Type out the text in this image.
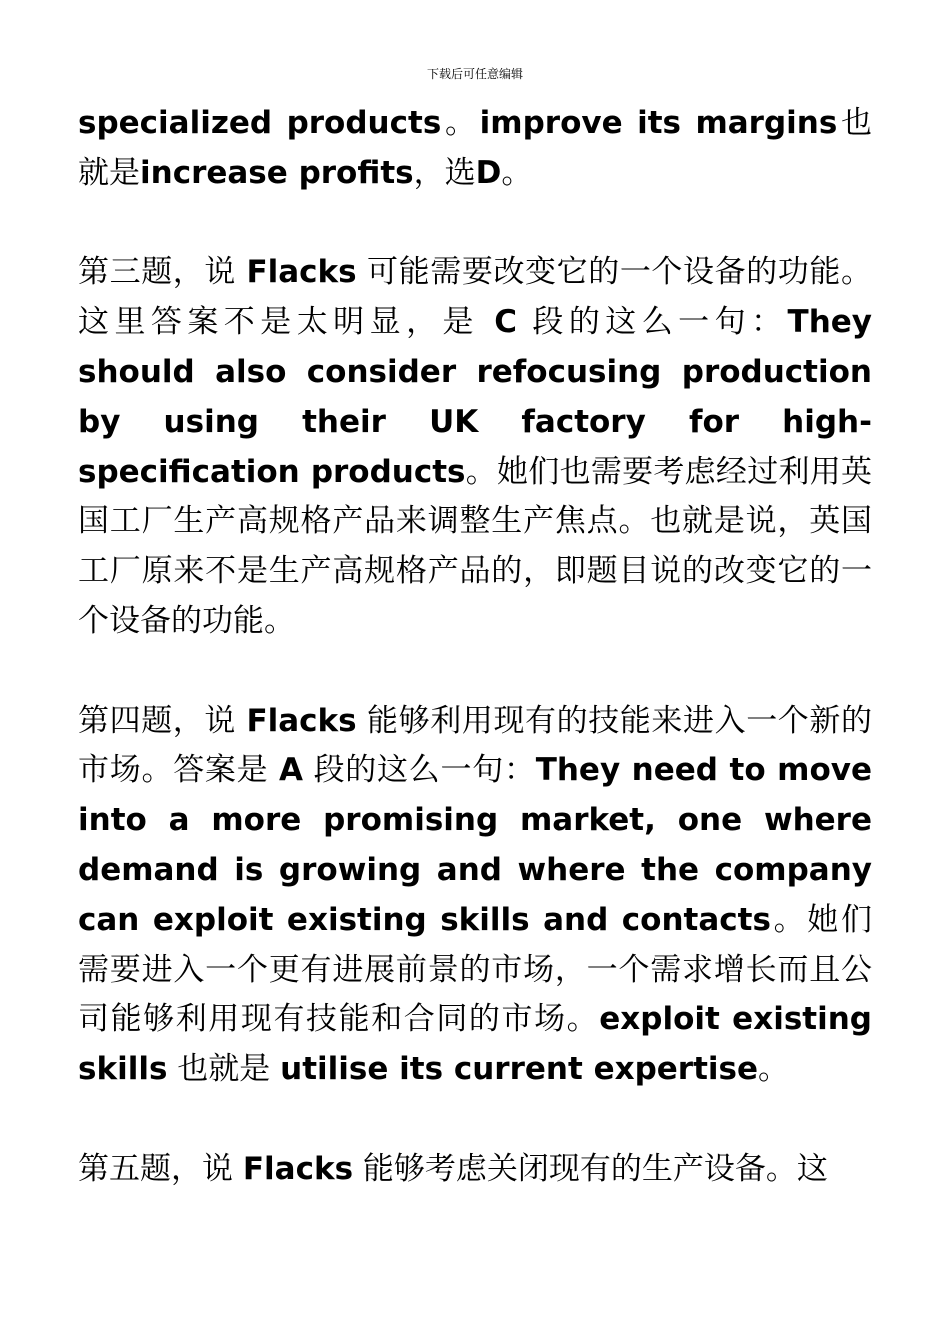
下载后可任意编辑

specialized products。improve its margins也就是increase profits，选D。

第三题，说 Flacks 可能需要改变它的一个设备的功能。这里答案不是太明显，是 C 段的这么一句：They should also consider refocusing production by using their UK factory for high-specification products。她们也需要考虑经过利用英国工厂生产高规格产品来调整生产焦点。也就是说，英国工厂原来不是生产高规格产品的，即题目说的改变它的一个设备的功能。

第四题，说 Flacks 能够利用现有的技能来进入一个新的市场。答案是 A 段的这么一句：They need to move into a more promising market, one where demand is growing and where the company can exploit existing skills and contacts。她们需要进入一个更有进展前景的市场，一个需求增长而且公司能够利用现有技能和合同的市场。exploit existing skills 也就是 utilise its current expertise。

第五题，说 Flacks 能够考虑关闭现有的生产设备。这
